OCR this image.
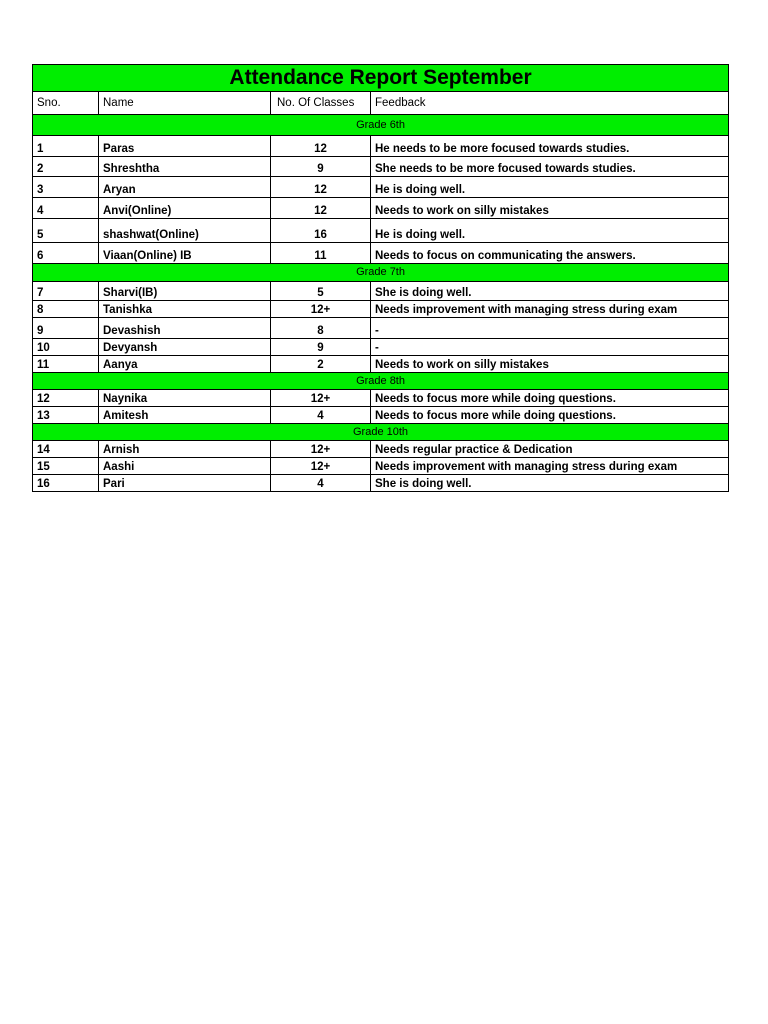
Attendance Report September			
Sno.	Name	No. Of Classes	Feedback
Grade 6th			
1	Paras	12	He needs to be more focused towards studies.
2	Shreshtha	9	She needs to be more focused towards studies.
3	Aryan	12	He is doing well.
4	Anvi(Online)	12	Needs to work on silly mistakes
5	shashwat(Online)	16	He is doing well.
6	Viaan(Online) IB	11	Needs to focus on communicating the answers.
Grade 7th			
7	Sharvi(IB)	5	She is doing well.
8	Tanishka	12+	Needs improvement with managing stress during exam
9	Devashish	8	-
10	Devyansh	9	-
11	Aanya	2	Needs to work on silly mistakes
Grade 8th			
12	Naynika	12+	Needs to focus more while doing questions.
13	Amitesh	4	Needs to focus more while doing questions.
Grade 10th			
14	Arnish	12+	Needs regular practice & Dedication
15	Aashi	12+	Needs improvement with managing stress during exam
16	Pari	4	She is doing well.
